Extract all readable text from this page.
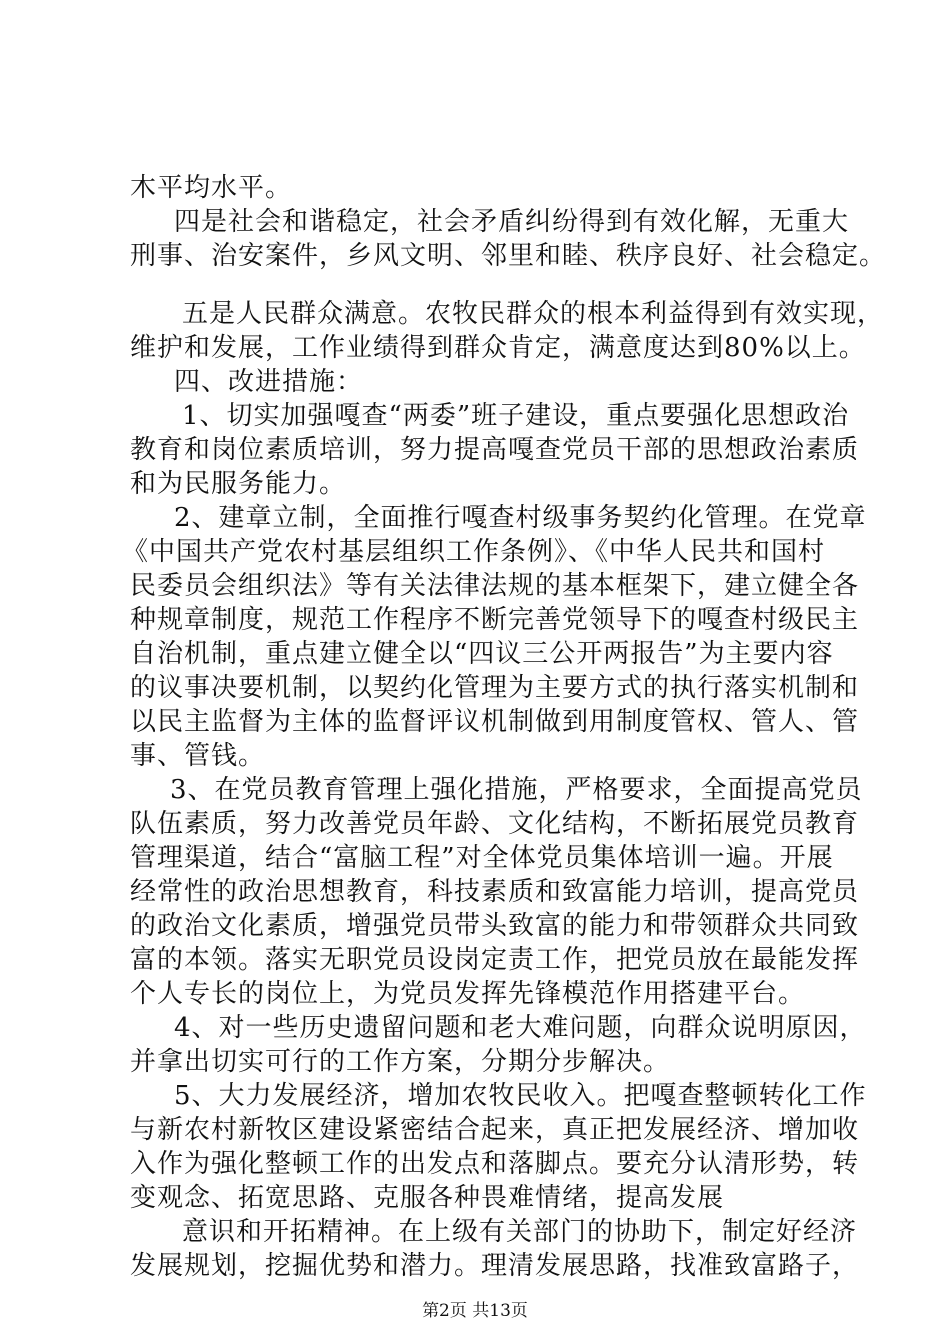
木平均水平。
四是社会和谐稳定，社会矛盾纠纷得到有效化解，无重大
刑事、治安案件，乡风文明、邻里和睦、秩序良好、社会稳定。
五是人民群众满意。农牧民群众的根本利益得到有效实现，
维护和发展，工作业绩得到群众肯定，满意度达到80%以上。
四、改进措施：
1、切实加强嘎查“两委”班子建设，重点要强化思想政治
教育和岗位素质培训，努力提高嘎查党员干部的思想政治素质
和为民服务能力。
2、建章立制，全面推行嘎查村级事务契约化管理。在党章
《中国共产党农村基层组织工作条例》、《中华人民共和国村
民委员会组织法》等有关法律法规的基本框架下，建立健全各
种规章制度，规范工作程序不断完善党领导下的嘎查村级民主
自治机制，重点建立健全以“四议三公开两报告”为主要内容
的议事决要机制，以契约化管理为主要方式的执行落实机制和
以民主监督为主体的监督评议机制做到用制度管权、管人、管
事、管钱。
3、在党员教育管理上强化措施，严格要求，全面提高党员
队伍素质，努力改善党员年龄、文化结构，不断拓展党员教育
管理渠道，结合“富脑工程”对全体党员集体培训一遍。开展
经常性的政治思想教育，科技素质和致富能力培训，提高党员
的政治文化素质，增强党员带头致富的能力和带领群众共同致
富的本领。落实无职党员设岗定责工作，把党员放在最能发挥
个人专长的岗位上，为党员发挥先锋模范作用搭建平台。
4、对一些历史遗留问题和老大难问题，向群众说明原因，
并拿出切实可行的工作方案，分期分步解决。
5、大力发展经济，增加农牧民收入。把嘎查整顿转化工作
与新农村新牧区建设紧密结合起来，真正把发展经济、增加收
入作为强化整顿工作的出发点和落脚点。要充分认清形势，转
变观念、拓宽思路、克服各种畏难情绪，提高发展
意识和开拓精神。在上级有关部门的协助下，制定好经济
发展规划，挖掘优势和潜力。理清发展思路，找准致富路子，
第2页 共13页
